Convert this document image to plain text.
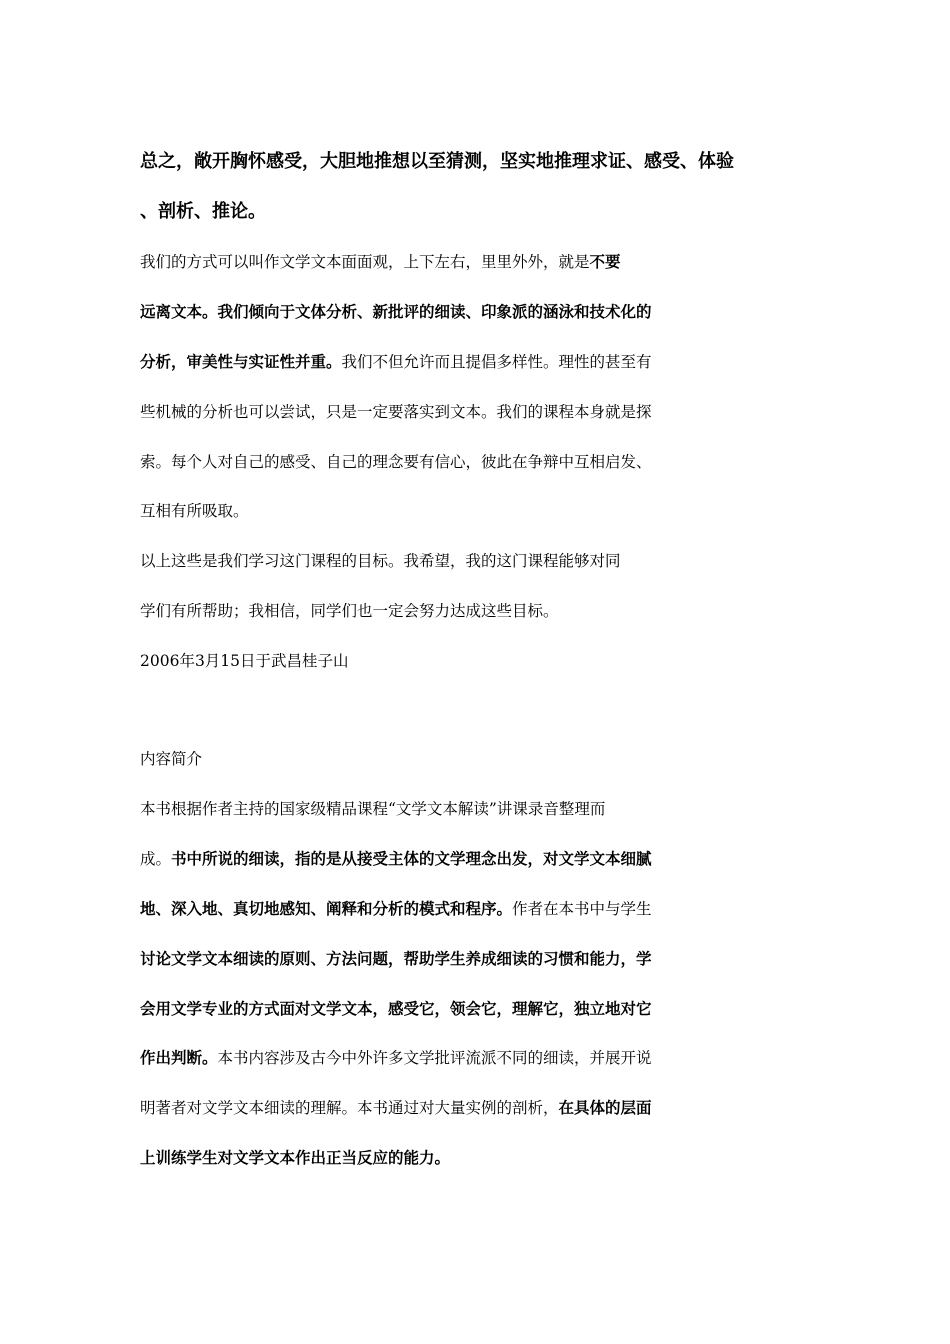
总之，敞开胸怀感受，大胆地推想以至猜测，坚实地推理求证、感受、体验
、剖析、推论。
我们的方式可以叫作文学文本面面观，上下左右，里里外外，就是不要
远离文本。我们倾向于文体分析、新批评的细读、印象派的涵泳和技术化的
分析，审美性与实证性并重。我们不但允许而且提倡多样性。理性的甚至有
些机械的分析也可以尝试，只是一定要落实到文本。我们的课程本身就是探
索。每个人对自己的感受、自己的理念要有信心，彼此在争辩中互相启发、
互相有所吸取。
以上这些是我们学习这门课程的目标。我希望，我的这门课程能够对同
学们有所帮助；我相信，同学们也一定会努力达成这些目标。
2006年3月15日于武昌桂子山
内容简介
本书根据作者主持的国家级精品课程“文学文本解读”讲课录音整理而
成。书中所说的细读，指的是从接受主体的文学理念出发，对文学文本细腻
地、深入地、真切地感知、阐释和分析的模式和程序。作者在本书中与学生
讨论文学文本细读的原则、方法问题，帮助学生养成细读的习惯和能力，学
会用文学专业的方式面对文学文本，感受它，领会它，理解它，独立地对它
作出判断。本书内容涉及古今中外许多文学批评流派不同的细读，并展开说
明著者对文学文本细读的理解。本书通过对大量实例的剖析，在具体的层面
上训练学生对文学文本作出正当反应的能力。
